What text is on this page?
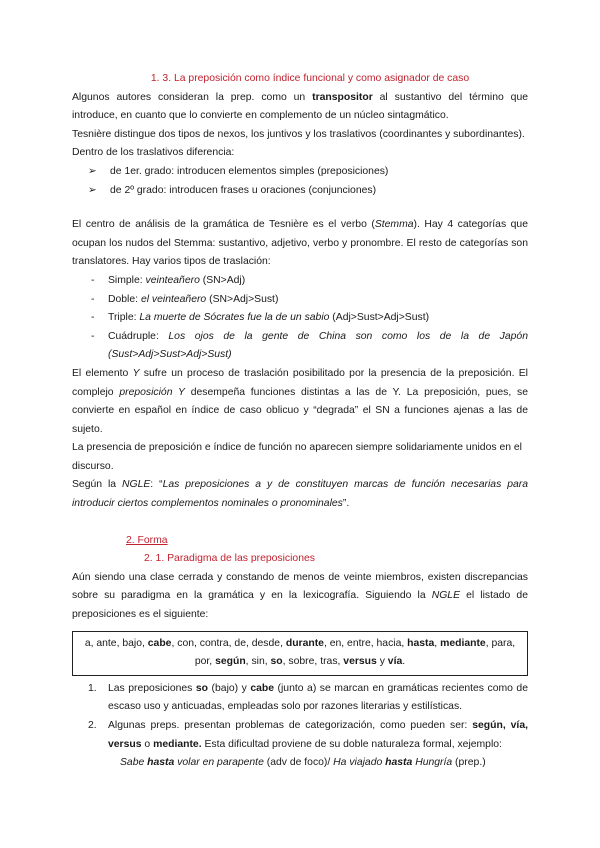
1. 3. La preposición como índice funcional y como asignador de caso

Algunos autores consideran la prep. como un transpositor al sustantivo del término que introduce, en cuanto que lo convierte en complemento de un núcleo sintagmático.

Tesnière distingue dos tipos de nexos, los juntivos y los traslativos (coordinantes y subordinantes). Dentro de los traslativos diferencia:

➢ de 1er. grado: introducen elementos simples (preposiciones)
➢ de 2º grado: introducen frases u oraciones (conjunciones)

El centro de análisis de la gramática de Tesnière es el verbo (Stemma). Hay 4 categorías que ocupan los nudos del Stemma: sustantivo, adjetivo, verbo y pronombre. El resto de categorías son translatores. Hay varios tipos de traslación:

- Simple: veinteañero (SN>Adj)
- Doble: el veinteañero (SN>Adj>Sust)
- Triple: La muerte de Sócrates fue la de un sabio (Adj>Sust>Adj>Sust)
- Cuádruple: Los ojos de la gente de China son como los de la de Japón (Sust>Adj>Sust>Adj>Sust)

El elemento Y sufre un proceso de traslación posibilitado por la presencia de la preposición. El complejo preposición Y desempeña funciones distintas a las de Y. La preposición, pues, se convierte en español en índice de caso oblicuo y “degrada” el SN a funciones ajenas a las de sujeto.

La presencia de preposición e índice de función no aparecen siempre solidariamente unidos en el discurso.

Según la NGLE: “Las preposiciones a y de constituyen marcas de función necesarias para introducir ciertos complementos nominales o pronominales”.

2. Forma

2. 1. Paradigma de las preposiciones

Aún siendo una clase cerrada y constando de menos de veinte miembros, existen discrepancias sobre su paradigma en la gramática y en la lexicografía. Siguiendo la NGLE el listado de preposiciones es el siguiente:

a, ante, bajo, cabe, con, contra, de, desde, durante, en, entre, hacia, hasta, mediante, para, por, según, sin, so, sobre, tras, versus y vía.
1. Las preposiciones so (bajo) y cabe (junto a) se marcan en gramáticas recientes como de escaso uso y anticuadas, empleadas solo por razones literarias y estilísticas.
2. Algunas preps. presentan problemas de categorización, como pueden ser: según, vía, versus o mediante. Esta dificultad proviene de su doble naturaleza formal, xejemplo:

Sabe hasta volar en parapente (adv de foco)/ Ha viajado hasta Hungría (prep.)
